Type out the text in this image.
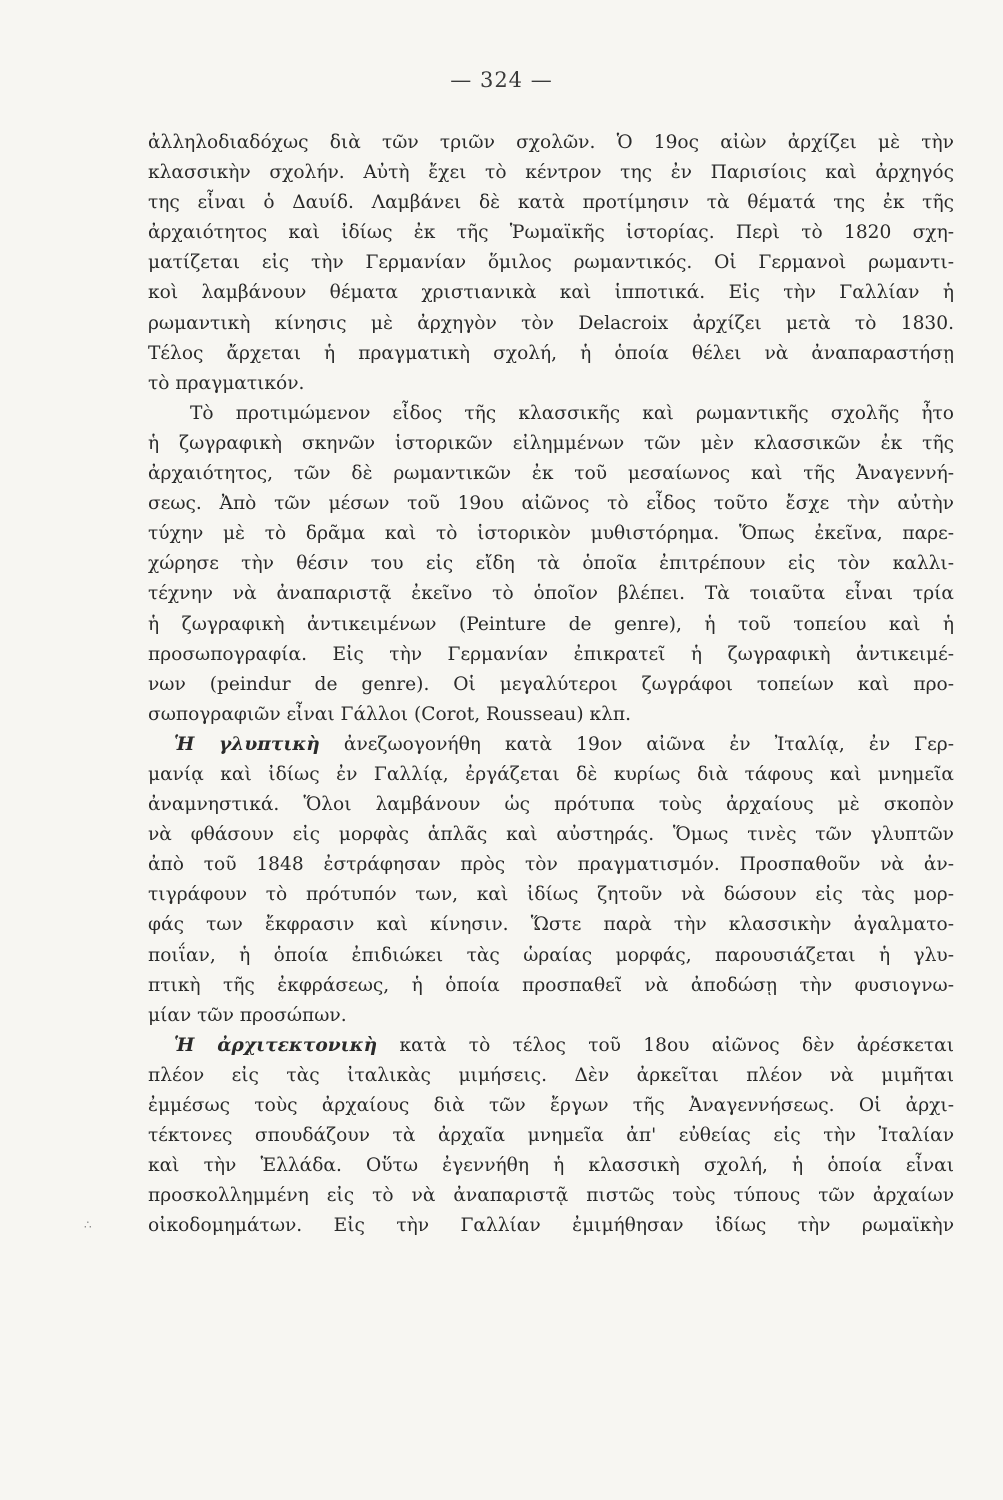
— 324 —
∴
ἀλληλοδιαδόχως διὰ τῶν τριῶν σχολῶν. Ὁ 19ος αἰὼν ἀρχίζει μὲ τὴν
κλασσικὴν σχολήν. Αὐτὴ ἔχει τὸ κέντρον της ἐν Παρισίοις καὶ ἀρχηγός
της εἶναι ὁ Δαυίδ. Λαμβάνει δὲ κατὰ προτίμησιν τὰ θέματά της ἐκ τῆς
ἀρχαιότητος καὶ ἰδίως ἐκ τῆς Ῥωμαϊκῆς ἱστορίας. Περὶ τὸ 1820 σχη-
ματίζεται εἰς τὴν Γερμανίαν ὅμιλος ρωμαντικός. Οἱ Γερμανοὶ ρωμαντι-
κοὶ λαμβάνουν θέματα χριστιανικὰ καὶ ἱπποτικά. Εἰς τὴν Γαλλίαν ἡ
ρωμαντικὴ κίνησις μὲ ἀρχηγὸν τὸν Delacroix ἀρχίζει μετὰ τὸ 1830.
Τέλος ἄρχεται ἡ πραγματικὴ σχολή, ἡ ὁποία θέλει νὰ ἀναπαραστήσῃ
τὸ πραγματικόν.
Τὸ προτιμώμενον εἶδος τῆς κλασσικῆς καὶ ρωμαντικῆς σχολῆς ἦτο
ἡ ζωγραφικὴ σκηνῶν ἱστορικῶν εἰλημμένων τῶν μὲν κλασσικῶν ἐκ τῆς
ἀρχαιότητος, τῶν δὲ ρωμαντικῶν ἐκ τοῦ μεσαίωνος καὶ τῆς Ἀναγεννή-
σεως. Ἀπὸ τῶν μέσων τοῦ 19ου αἰῶνος τὸ εἶδος τοῦτο ἔσχε τὴν αὐτὴν
τύχην μὲ τὸ δρᾶμα καὶ τὸ ἱστορικὸν μυθιστόρημα. Ὅπως ἐκεῖνα, παρε-
χώρησε τὴν θέσιν του εἰς εἴδη τὰ ὁποῖα ἐπιτρέπουν εἰς τὸν καλλι-
τέχνην νὰ ἀναπαριστᾷ ἐκεῖνο τὸ ὁποῖον βλέπει. Τὰ τοιαῦτα εἶναι τρία
ἡ ζωγραφικὴ ἀντικειμένων (Peinture de genre), ἡ τοῦ τοπείου καὶ ἡ
προσωπογραφία. Εἰς τὴν Γερμανίαν ἐπικρατεῖ ἡ ζωγραφικὴ ἀντικειμέ-
νων (peindur de genre). Οἱ μεγαλύτεροι ζωγράφοι τοπείων καὶ προ-
σωπογραφιῶν εἶναι Γάλλοι (Corot, Rousseau) κλπ.
Ἡ γλυπτικὴ ἀνεζωογονήθη κατὰ 19ον αἰῶνα ἐν Ἰταλίᾳ, ἐν Γερ-
μανίᾳ καὶ ἰδίως ἐν Γαλλίᾳ, ἐργάζεται δὲ κυρίως διὰ τάφους καὶ μνημεῖα
ἀναμνηστικά. Ὅλοι λαμβάνουν ὡς πρότυπα τοὺς ἀρχαίους μὲ σκοπὸν
νὰ φθάσουν εἰς μορφὰς ἁπλᾶς καὶ αὐστηράς. Ὅμως τινὲς τῶν γλυπτῶν
ἀπὸ τοῦ 1848 ἐστράφησαν πρὸς τὸν πραγματισμόν. Προσπαθοῦν νὰ ἀν-
τιγράφουν τὸ πρότυπόν των, καὶ ἰδίως ζητοῦν νὰ δώσουν εἰς τὰς μορ-
φάς των ἔκφρασιν καὶ κίνησιν. Ὥστε παρὰ τὴν κλασσικὴν ἀγαλματο-
ποιΐαν, ἡ ὁποία ἐπιδιώκει τὰς ὡραίας μορφάς, παρουσιάζεται ἡ γλυ-
πτικὴ τῆς ἐκφράσεως, ἡ ὁποία προσπαθεῖ νὰ ἀποδώσῃ τὴν φυσιογνω-
μίαν τῶν προσώπων.
Ἡ ἀρχιτεκτονικὴ κατὰ τὸ τέλος τοῦ 18ου αἰῶνος δὲν ἀρέσκεται
πλέον εἰς τὰς ἰταλικὰς μιμήσεις. Δὲν ἀρκεῖται πλέον νὰ μιμῆται
ἐμμέσως τοὺς ἀρχαίους διὰ τῶν ἔργων τῆς Ἀναγεννήσεως. Οἱ ἀρχι-
τέκτονες σπουδάζουν τὰ ἀρχαῖα μνημεῖα ἀπ' εὐθείας εἰς τὴν Ἰταλίαν
καὶ τὴν Ἑλλάδα. Οὕτω ἐγεννήθη ἡ κλασσικὴ σχολή, ἡ ὁποία εἶναι
προσκολλημμένη εἰς τὸ νὰ ἀναπαριστᾷ πιστῶς τοὺς τύπους τῶν ἀρχαίων
οἰκοδομημάτων. Εἰς τὴν Γαλλίαν ἐμιμήθησαν ἰδίως τὴν ρωμαϊκὴν
